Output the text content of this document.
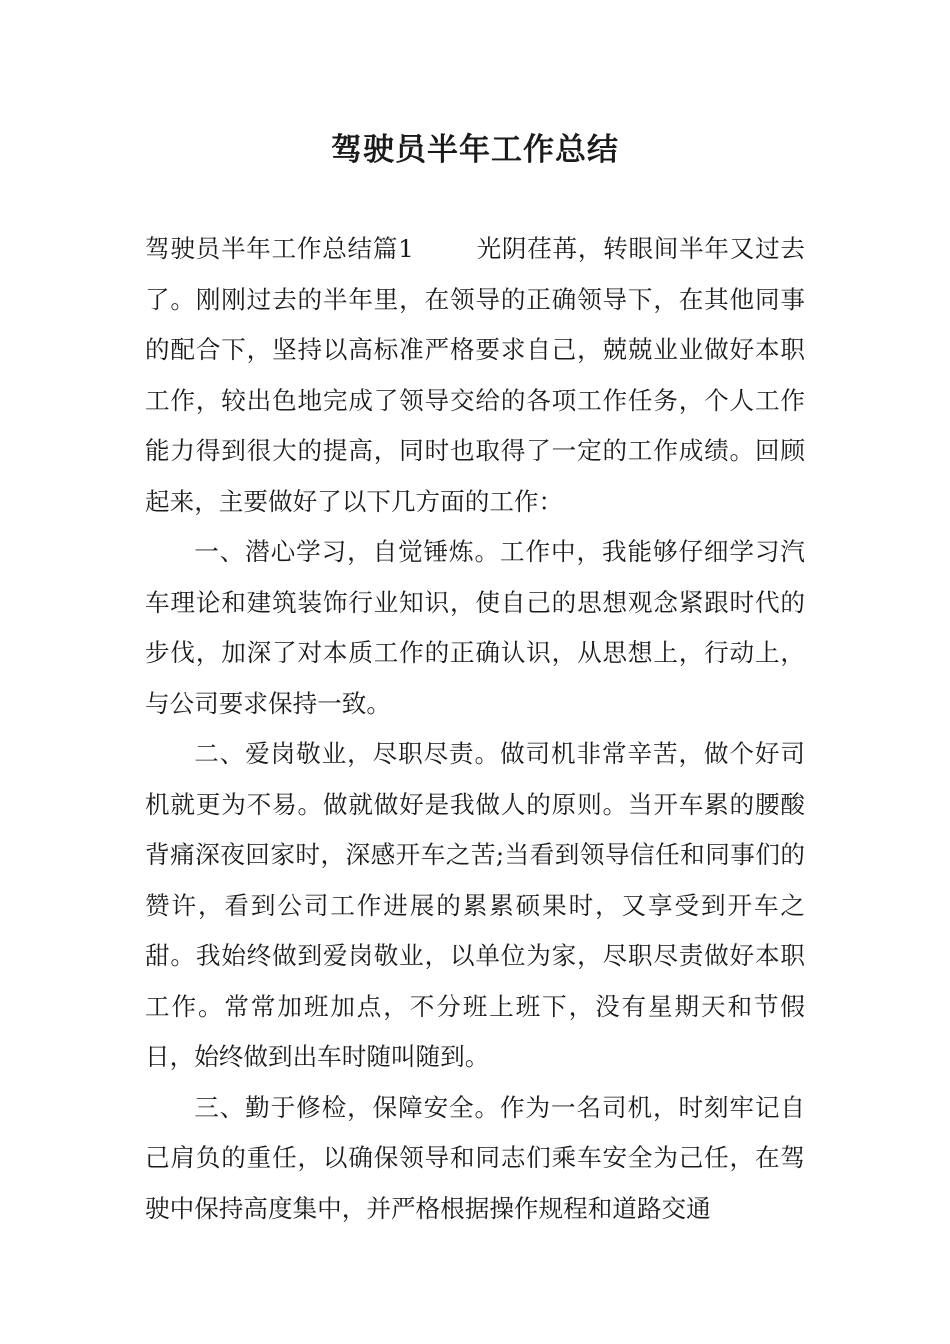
驾驶员半年工作总结

驾驶员半年工作总结篇1	光阴荏苒，转眼间半年又过去了。刚刚过去的半年里，在领导的正确领导下，在其他同事的配合下，坚持以高标准严格要求自己，兢兢业业做好本职工作，较出色地完成了领导交给的各项工作任务，个人工作能力得到很大的提高，同时也取得了一定的工作成绩。回顾起来，主要做好了以下几方面的工作：

一、潜心学习，自觉锤炼。工作中，我能够仔细学习汽车理论和建筑装饰行业知识，使自己的思想观念紧跟时代的步伐，加深了对本质工作的正确认识，从思想上，行动上，与公司要求保持一致。

二、爱岗敬业，尽职尽责。做司机非常辛苦，做个好司机就更为不易。做就做好是我做人的原则。当开车累的腰酸背痛深夜回家时，深感开车之苦;当看到领导信任和同事们的赞许，看到公司工作进展的累累硕果时，又享受到开车之甜。我始终做到爱岗敬业，以单位为家，尽职尽责做好本职工作。常常加班加点，不分班上班下，没有星期天和节假日，始终做到出车时随叫随到。

三、勤于修检，保障安全。作为一名司机，时刻牢记自己肩负的重任，以确保领导和同志们乘车安全为己任，在驾驶中保持高度集中，并严格根据操作规程和道路交通
